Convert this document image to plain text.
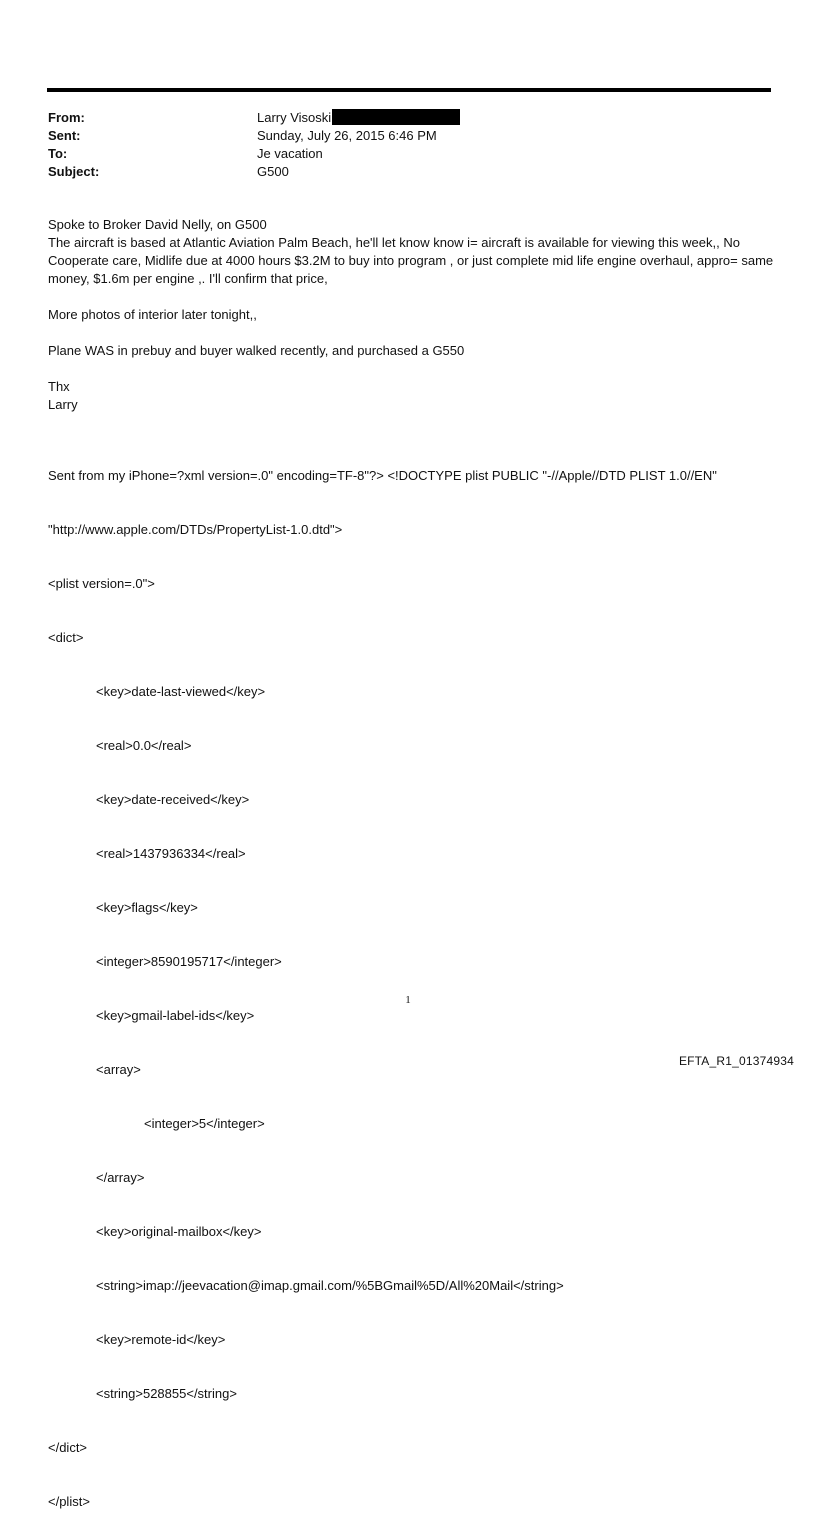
From:	Larry Visoski
Sent:	Sunday, July 26, 2015 6:46 PM
To:	Je vacation
Subject:	G500

Spoke to Broker David Nelly, on G500

The aircraft is based at Atlantic Aviation Palm Beach, he'll let know know i= aircraft is available for viewing this week,, No Cooperate care, Midlife due at 4000 hours $3.2M to buy into program , or just complete mid life engine overhaul, appro= same money, $1.6m per engine ,. I'll confirm that price,

More photos of interior later tonight,,

Plane WAS in prebuy and buyer walked recently, and purchased a G550

Thx

Larry

Sent from my iPhone=?xml version=.0" encoding=TF-8"?> <!DOCTYPE plist PUBLIC "-//Apple//DTD PLIST 1.0//EN"

"http://www.apple.com/DTDs/PropertyList-1.0.dtd">

<plist version=.0">

<dict>

<key>date-last-viewed</key>

<real>0.0</real>

<key>date-received</key>

<real>1437936334</real>

<key>flags</key>

<integer>8590195717</integer>

<key>gmail-label-ids</key>

<array>

<integer>5</integer>

</array>

<key>original-mailbox</key>

<string>imap://jeevacation@imap.gmail.com/%5BGmail%5D/All%20Mail</string>

<key>remote-id</key>

<string>528855</string>

</dict>

</plist>

1
EFTA_R1_01374934
